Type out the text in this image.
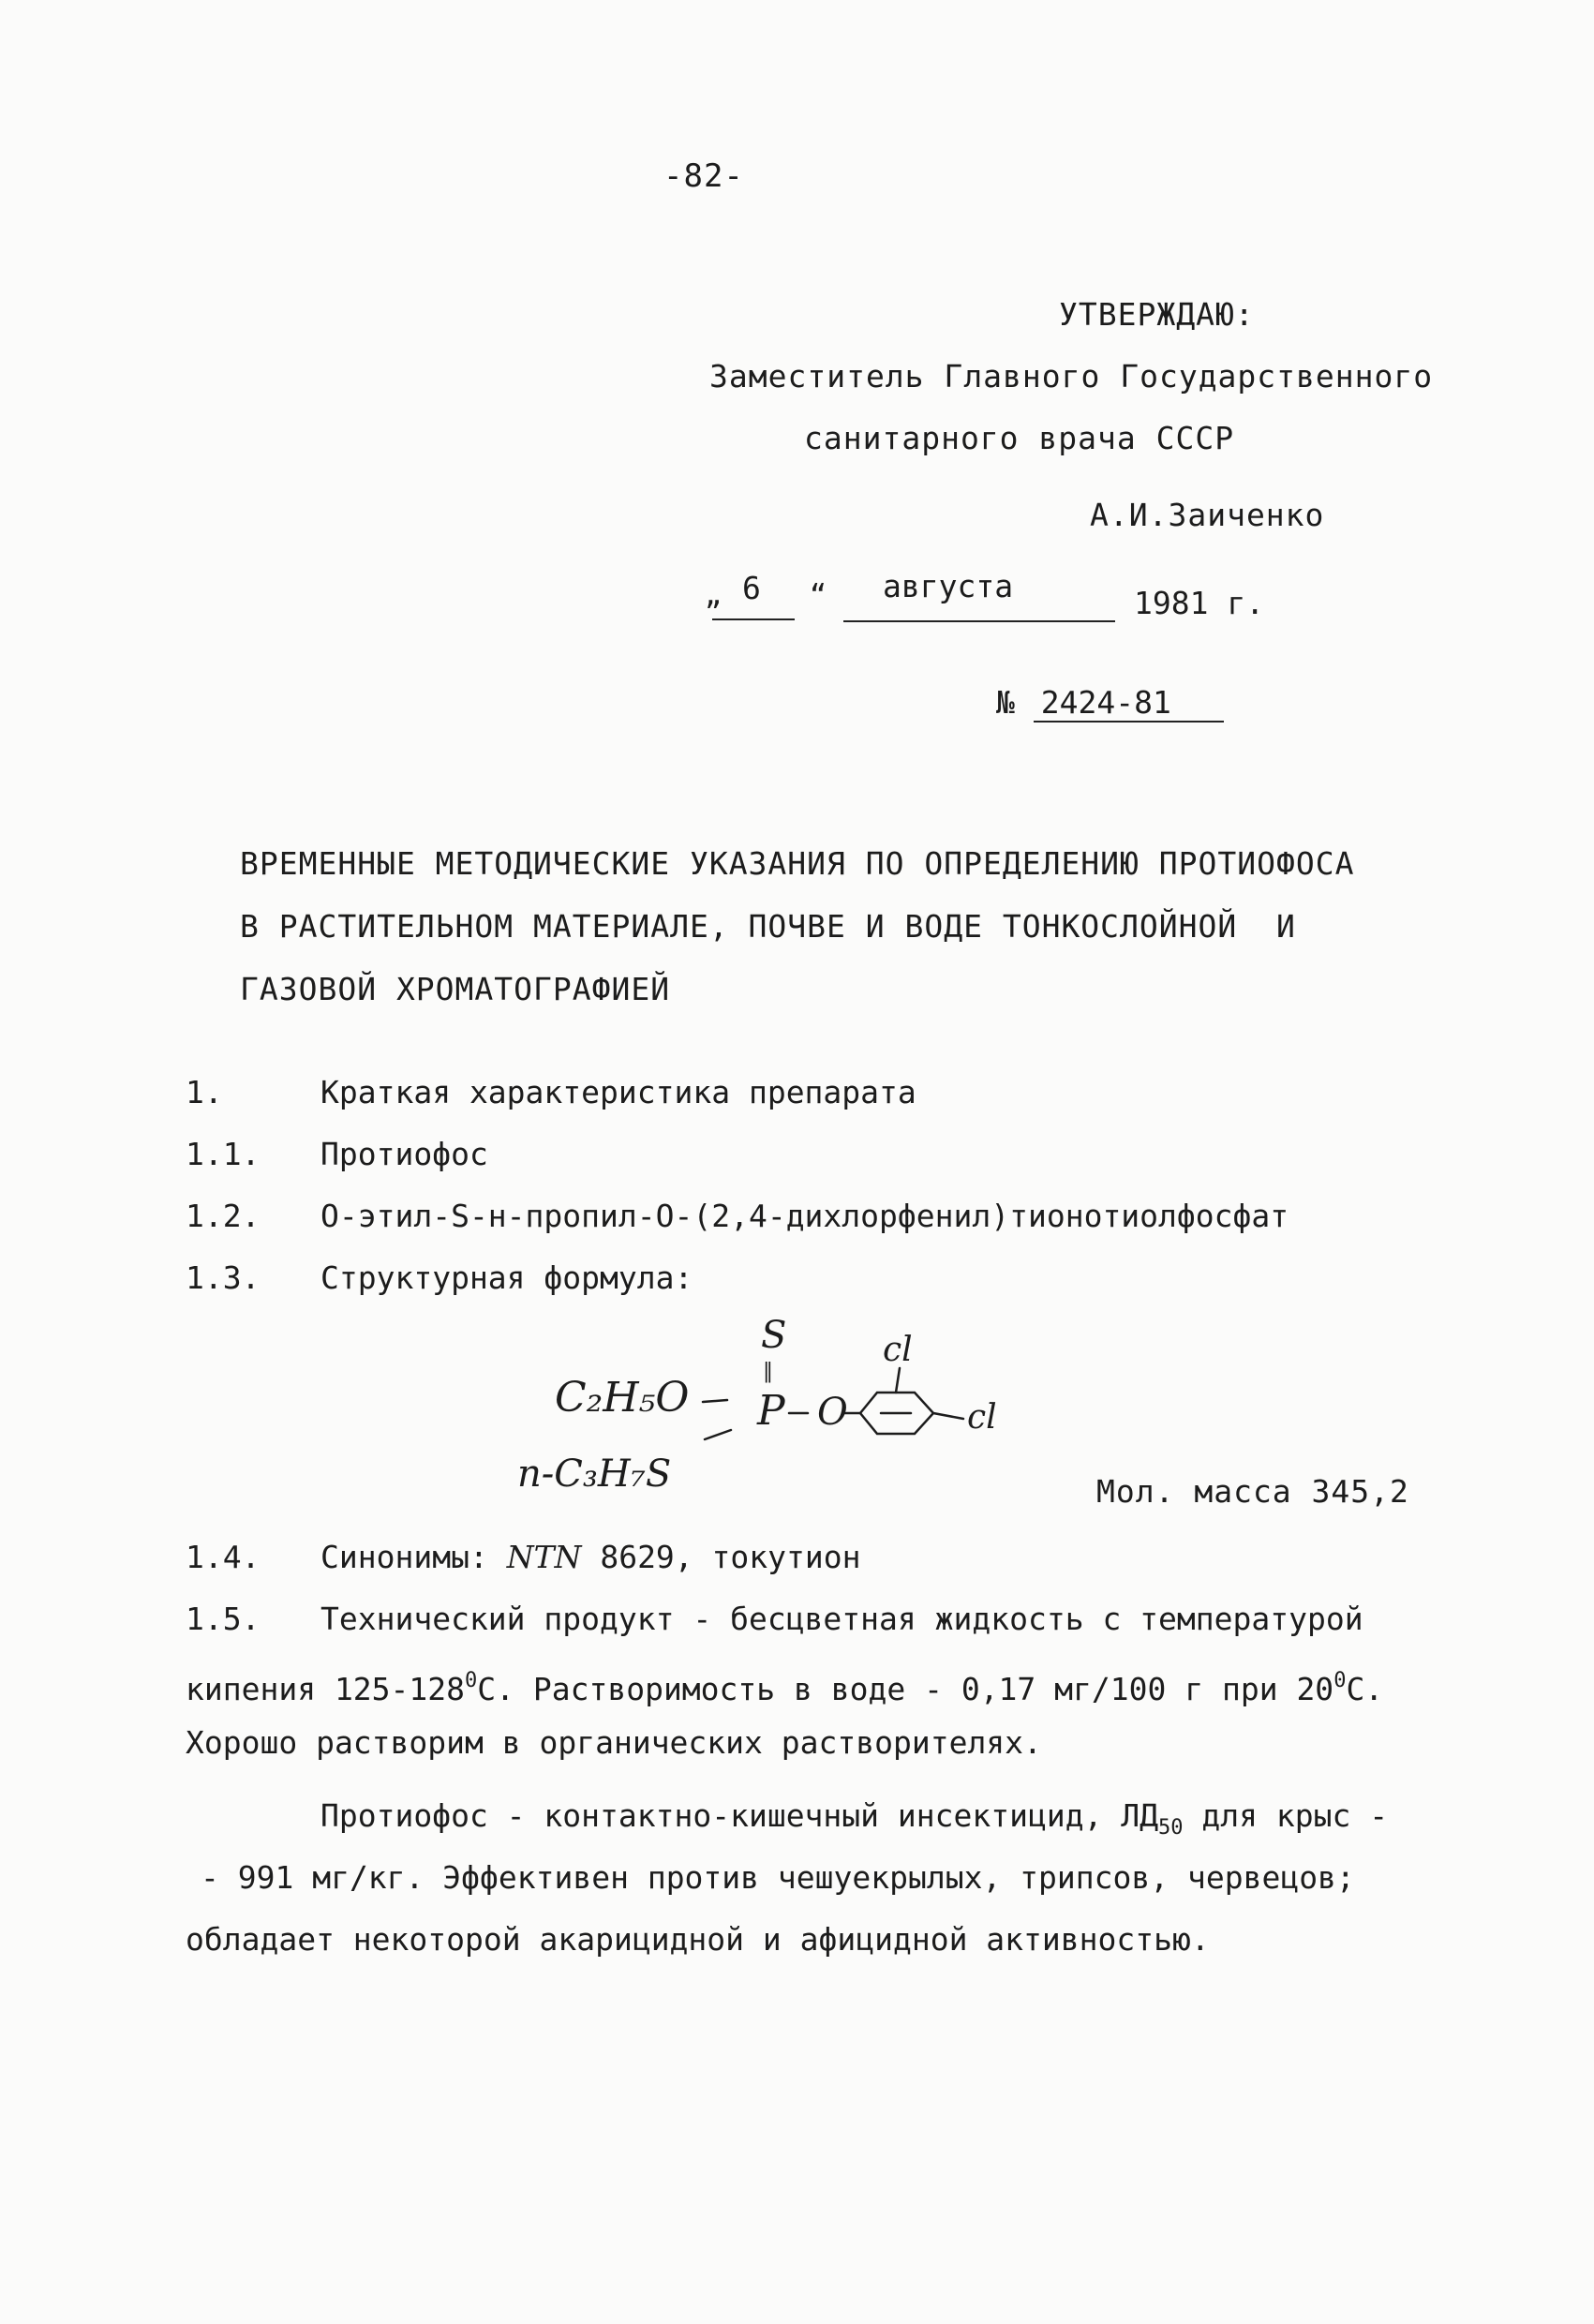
-82-
УТВЕРЖДАЮ:
Заместитель Главного Государственного
санитарного врача СССР
А.И.Заиченко
„ 6 “ августа	1981 г.
№ 2424-81
ВРЕМЕННЫЕ МЕТОДИЧЕСКИЕ УКАЗАНИЯ ПО ОПРЕДЕЛЕНИЮ ПРОТИОФОСА
В РАСТИТЕЛЬНОМ МАТЕРИАЛЕ, ПОЧВЕ И ВОДЕ ТОНКОСЛОЙНОЙ  И
ГАЗОВОЙ ХРОМАТОГРАФИЕЙ
1.	Краткая характеристика препарата
1.1. Протиофос
1.2. О-этил-S-н-пропил-О-(2,4-дихлорфенил)тионотиолфосфат
1.3. Структурная формула:
S
‖
C₂H₅O
n-C₃H₇S
P O
cl
cl
Мол. масса 345,2
1.4. Синонимы: NTN 8629, токутион
1.5. Технический продукт - бесцветная жидкость с температурой
кипения $125-128^0С$. Растворимость в воде - 0,17 мг/100 г при $20^0С$.
Хорошо растворим в органических растворителях.
Протиофос - контактно-кишечный инсектицид, $ЛД_{50}$ для крыс -
- 991 мг/кг. Эффективен против чешуекрылых, трипсов, червецов;
обладает некоторой акарицидной и афицидной активностью.
